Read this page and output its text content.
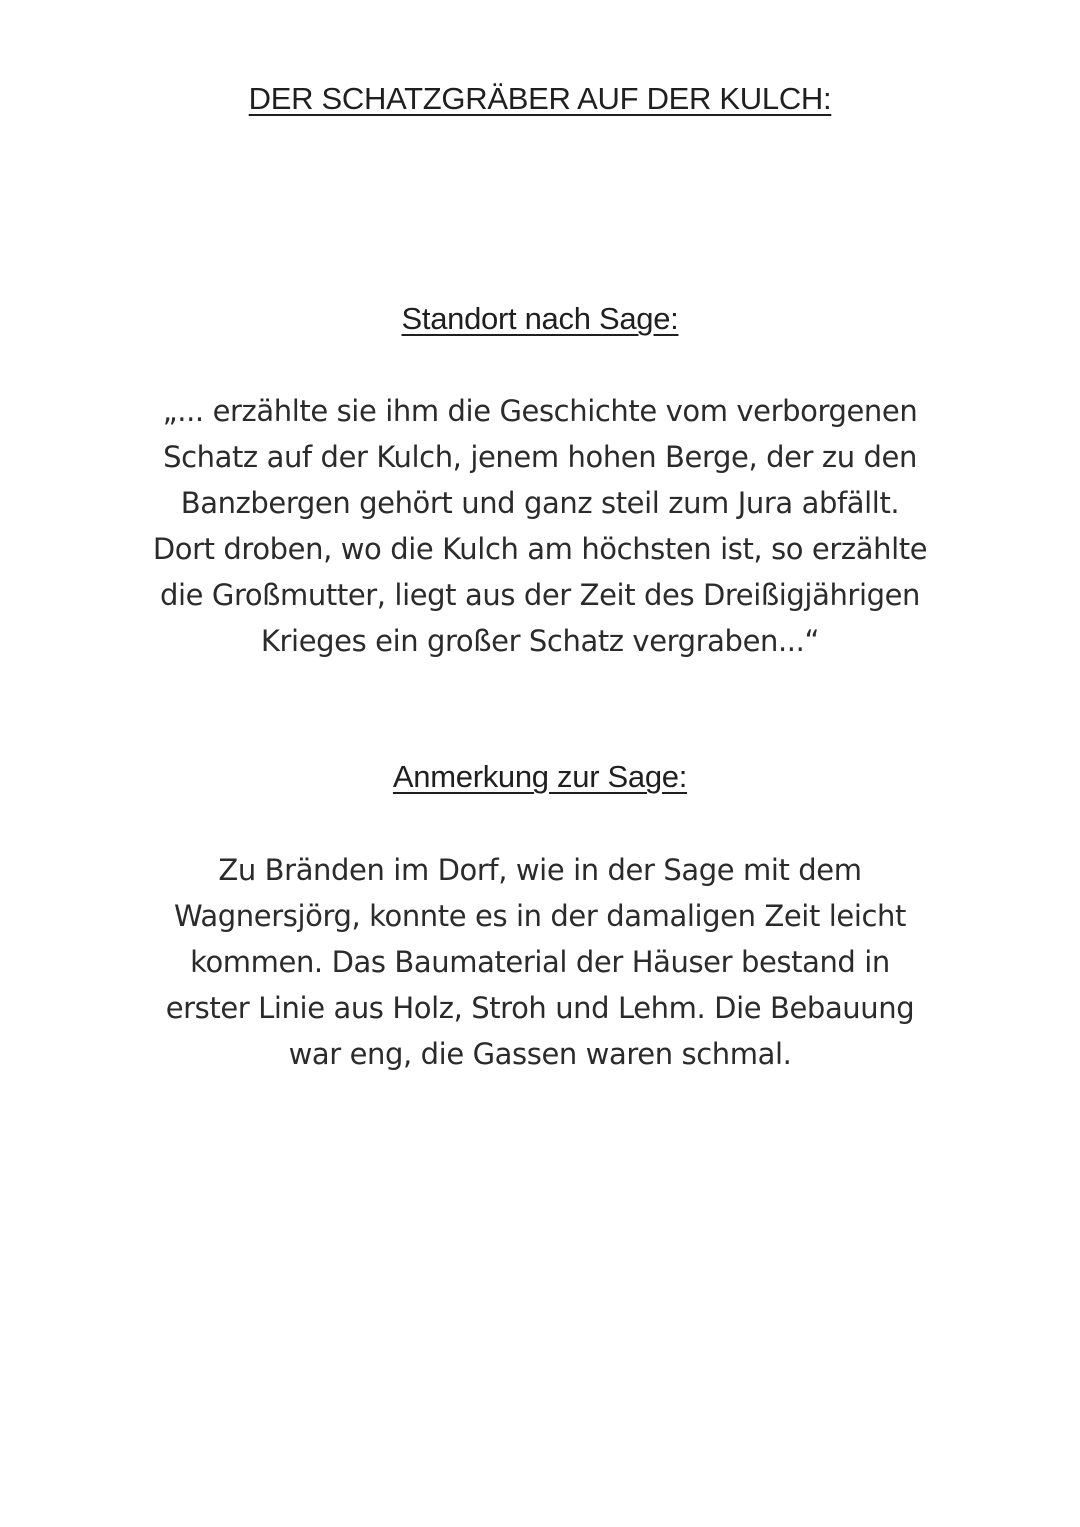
DER SCHATZGRÄBER AUF DER KULCH:
Standort nach Sage:

„... erzählte sie ihm die Geschichte vom verborgenen Schatz auf der Kulch, jenem hohen Berge, der zu den Banzbergen gehört und ganz steil zum Jura abfällt. Dort droben, wo die Kulch am höchsten ist, so erzählte die Großmutter, liegt aus der Zeit des Dreißigjährigen Krieges ein großer Schatz vergraben...“

Anmerkung zur Sage:

Zu Bränden im Dorf, wie in der Sage mit dem Wagnersjörg, konnte es in der damaligen Zeit leicht kommen. Das Baumaterial der Häuser bestand in erster Linie aus Holz, Stroh und Lehm. Die Bebauung war eng, die Gassen waren schmal.
